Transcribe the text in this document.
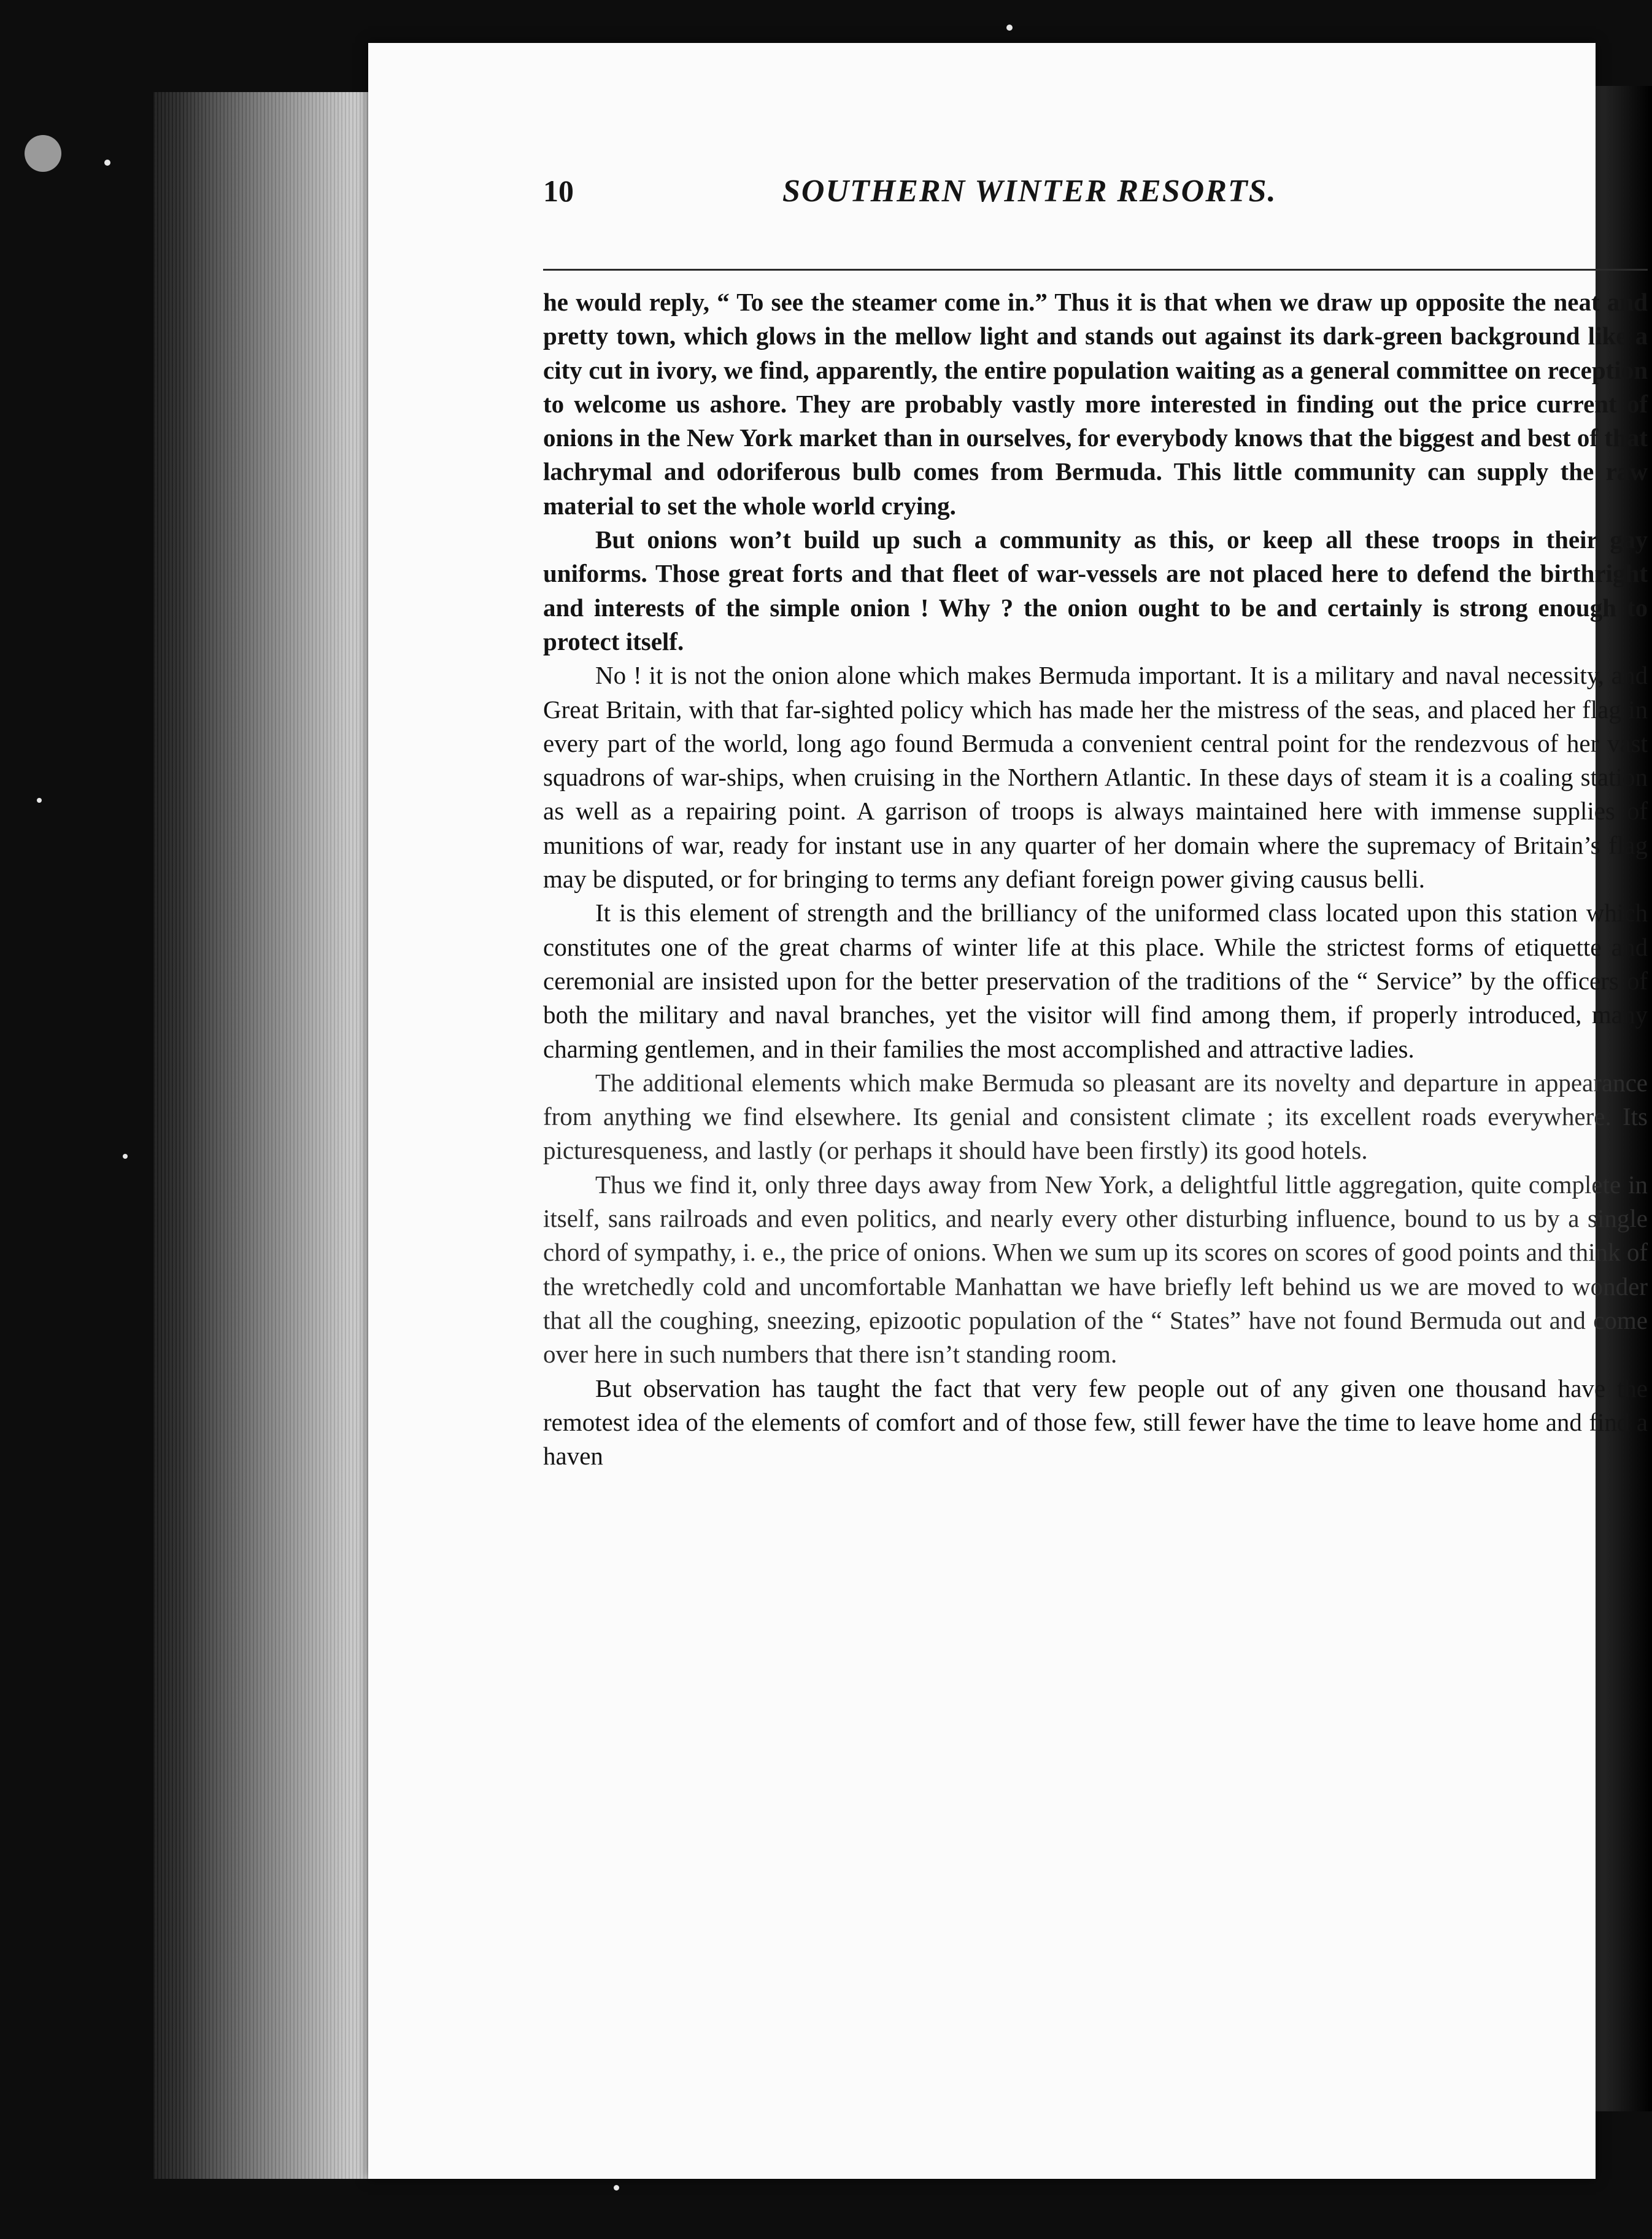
10	SOUTHERN WINTER RESORTS.

he would reply, “ To see the steamer come in.” Thus it is that when we draw up opposite the neat and pretty town, which glows in the mellow light and stands out against its dark-green background like a city cut in ivory, we find, apparently, the entire population waiting as a general committee on reception to welcome us ashore. They are probably vastly more interested in finding out the price current of onions in the New York market than in ourselves, for everybody knows that the biggest and best of that lachrymal and odoriferous bulb comes from Bermuda. This little community can supply the raw material to set the whole world crying.

But onions won’t build up such a community as this, or keep all these troops in their gay uniforms. Those great forts and that fleet of war-vessels are not placed here to defend the birthright and interests of the simple onion ! Why ? the onion ought to be and certainly is strong enough to protect itself.

No ! it is not the onion alone which makes Bermuda important. It is a military and naval necessity, and Great Britain, with that far-sighted policy which has made her the mistress of the seas, and placed her flag in every part of the world, long ago found Bermuda a convenient central point for the rendezvous of her vast squadrons of war-ships, when cruising in the Northern Atlantic. In these days of steam it is a coaling station as well as a repairing point. A garrison of troops is always maintained here with immense supplies of munitions of war, ready for instant use in any quarter of her domain where the supremacy of Britain’s flag may be disputed, or for bringing to terms any defiant foreign power giving causus belli.

It is this element of strength and the brilliancy of the uniformed class located upon this station which constitutes one of the great charms of winter life at this place. While the strictest forms of etiquette and ceremonial are insisted upon for the better preservation of the traditions of the “ Service” by the officers of both the military and naval branches, yet the visitor will find among them, if properly introduced, many charming gentlemen, and in their families the most accomplished and attractive ladies.

The additional elements which make Bermuda so pleasant are its novelty and departure in appearance from anything we find elsewhere. Its genial and consistent climate ; its excellent roads everywhere. Its picturesqueness, and lastly (or perhaps it should have been firstly) its good hotels.

Thus we find it, only three days away from New York, a delightful little aggregation, quite complete in itself, sans railroads and even politics, and nearly every other disturbing influence, bound to us by a single chord of sympathy, i. e., the price of onions. When we sum up its scores on scores of good points and think of the wretchedly cold and uncomfortable Manhattan we have briefly left behind us we are moved to wonder that all the coughing, sneezing, epizootic population of the “ States” have not found Bermuda out and come over here in such numbers that there isn’t standing room.

But observation has taught the fact that very few people out of any given one thousand have the remotest idea of the elements of comfort and of those few, still fewer have the time to leave home and find a haven
